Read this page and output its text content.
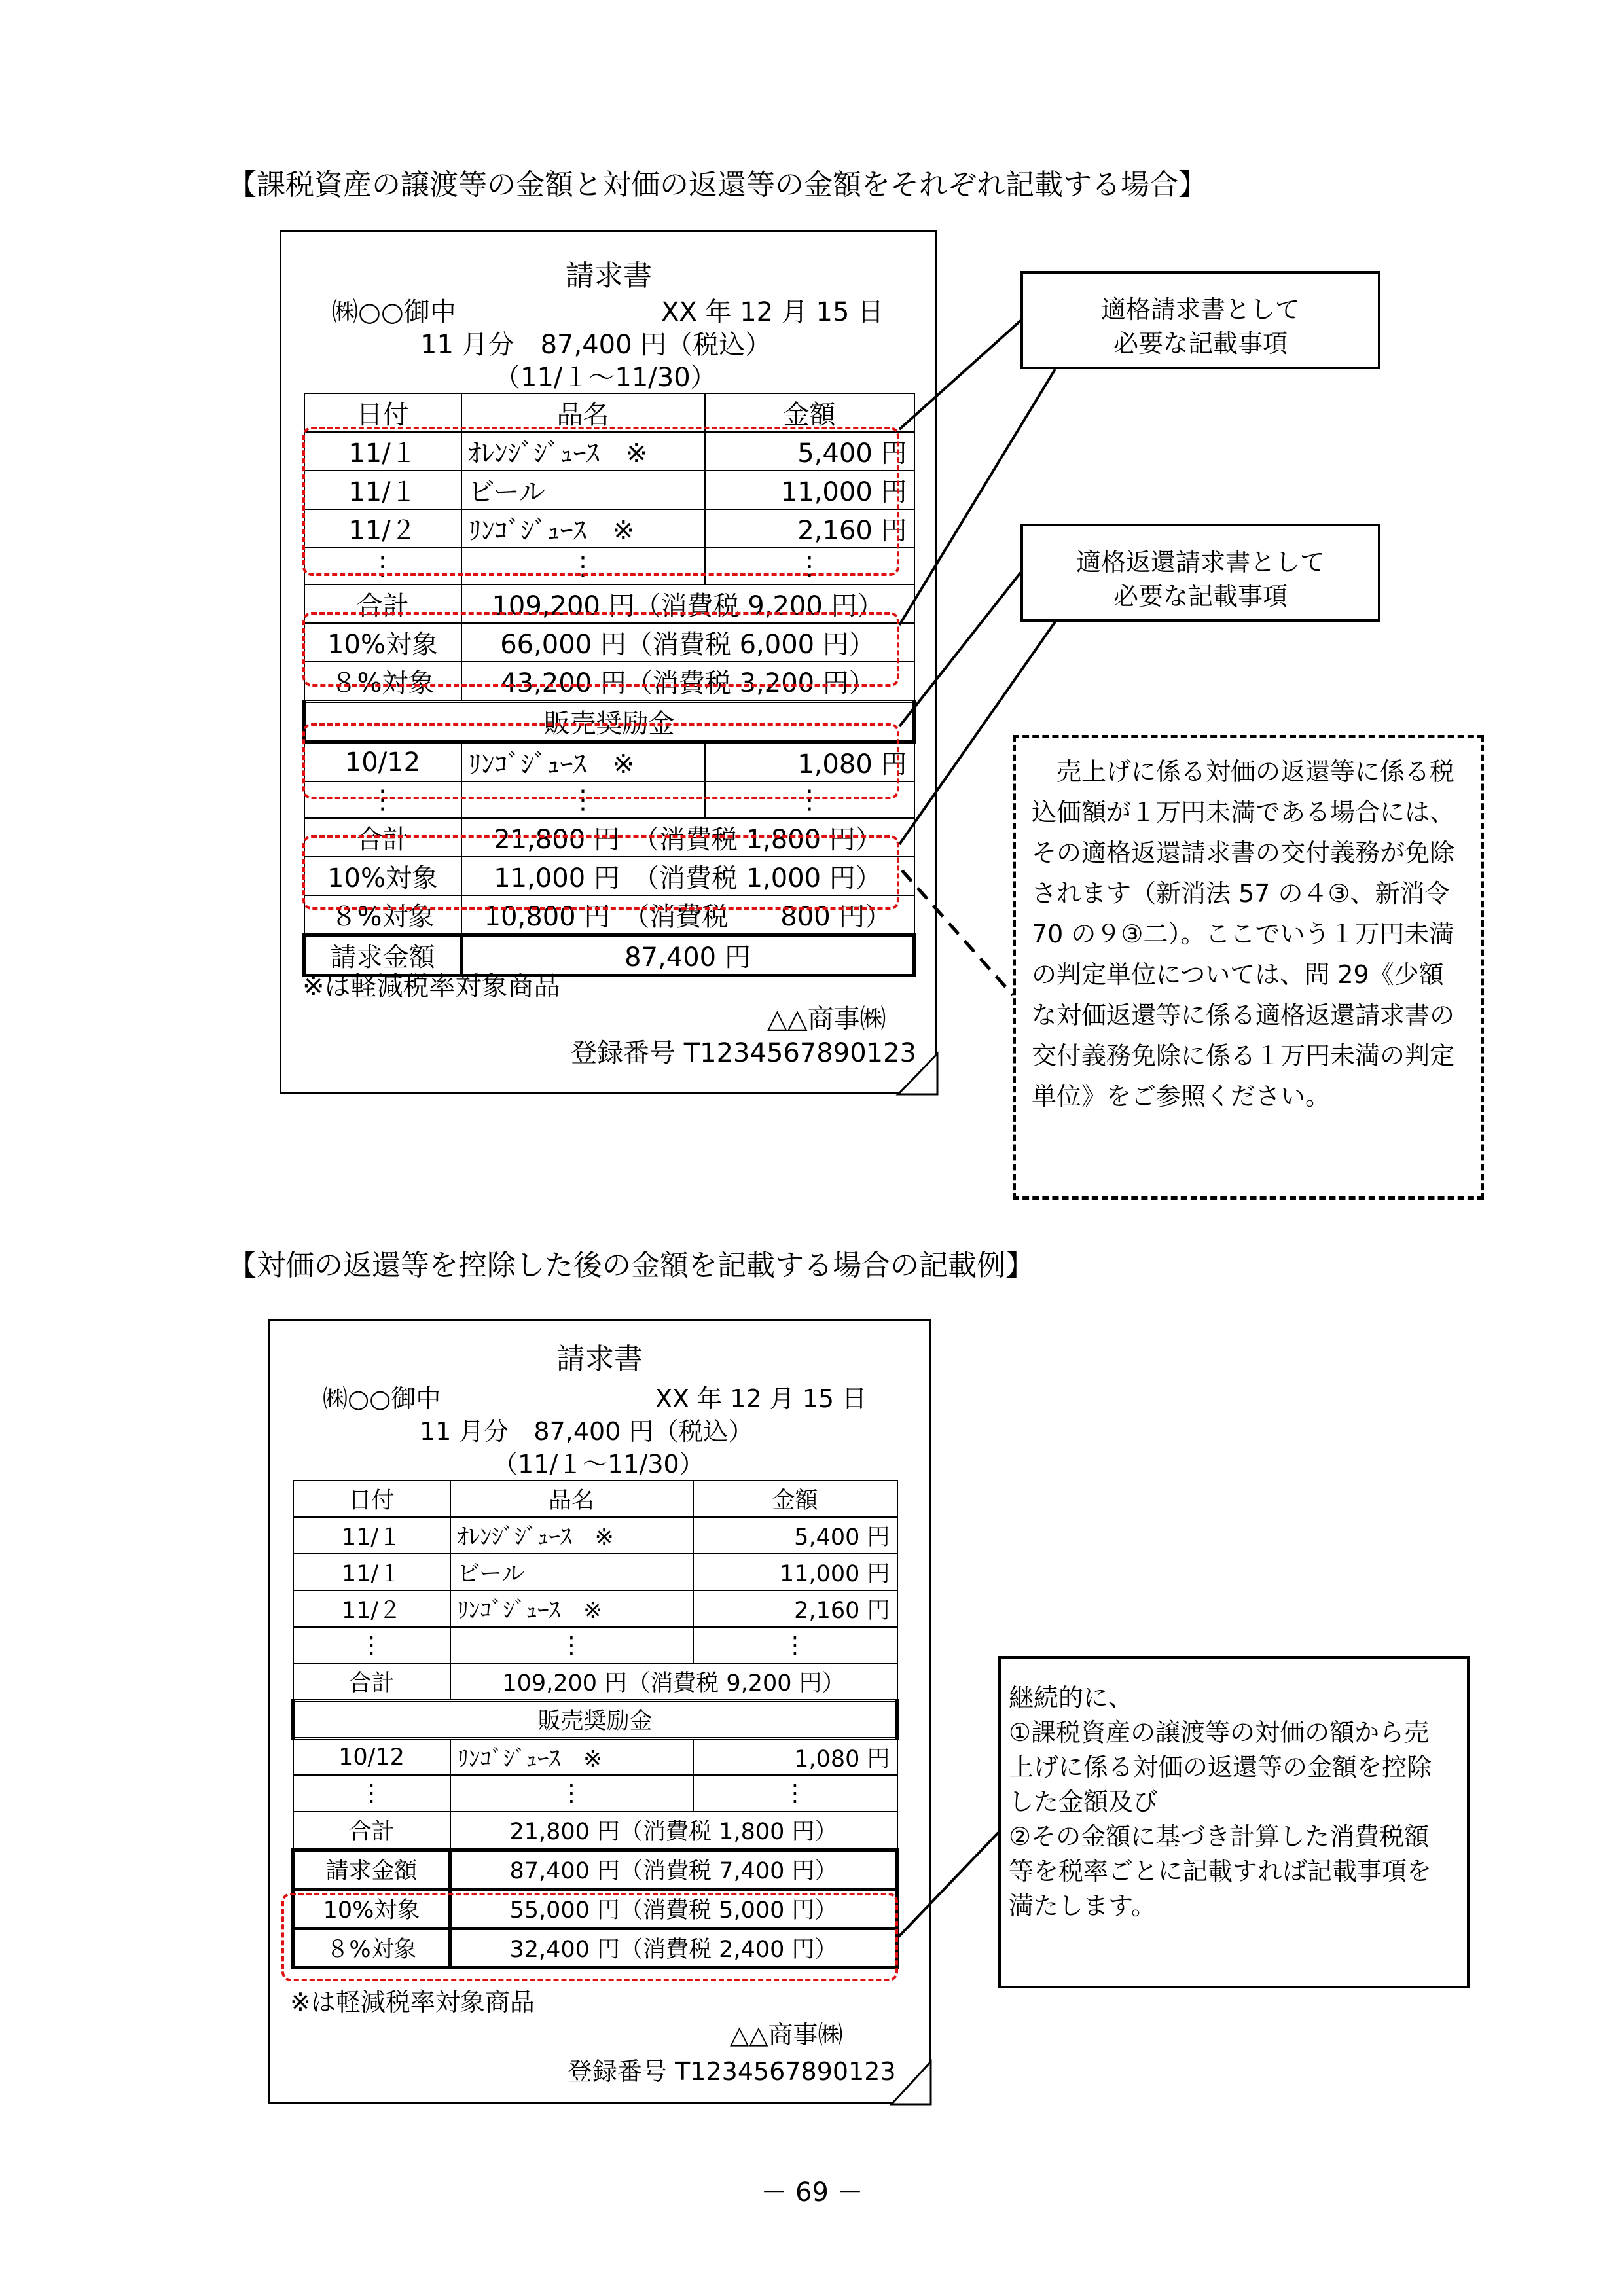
【課税資産の譲渡等の金額と対価の返還等の金額をそれぞれ記載する場合】
請求書
㈱○○御中	XX 年 12 月 15 日
11 月分　87,400 円（税込）
（11/１～11/30）
日付	品名	金額
11/１	ｵﾚﾝｼﾞｼﾞｭｰｽ　※	5,400 円
11/１	ビール	11,000 円
11/２	ﾘﾝｺﾞｼﾞｭｰｽ　※	2,160 円
⋮	⋮	⋮
合計	109,200 円（消費税 9,200 円）	
10%対象	66,000 円（消費税 6,000 円）	
８%対象	43,200 円（消費税 3,200 円）	
販売奨励金		
10/12	ﾘﾝｺﾞｼﾞｭｰｽ　※	1,080 円
⋮	⋮	⋮
合計	21,800 円　（消費税 1,800 円）	
10%対象	11,000 円　（消費税 1,000 円）	
８%対象	10,800 円　（消費税　　800 円）	
請求金額	87,400 円	
※は軽減税率対象商品
△△商事㈱
登録番号 T1234567890123
適格請求書として
必要な記載事項
適格返還請求書として
必要な記載事項
　売上げに係る対価の返還等に係る税込価額が１万円未満である場合には、その適格返還請求書の交付義務が免除されます（新消法 57 の４③、新消令 70 の９③二）。ここでいう１万円未満の判定単位については、問 29《少額な対価返還等に係る適格返還請求書の交付義務免除に係る１万円未満の判定単位》をご参照ください。
【対価の返還等を控除した後の金額を記載する場合の記載例】
請求書
㈱○○御中	XX 年 12 月 15 日
11 月分　87,400 円（税込）
（11/１～11/30）
日付	品名	金額
11/１	ｵﾚﾝｼﾞｼﾞｭｰｽ　※	5,400 円
11/１	ビール	11,000 円
11/２	ﾘﾝｺﾞｼﾞｭｰｽ　※	2,160 円
⋮	⋮	⋮
合計	109,200 円（消費税 9,200 円）	
販売奨励金		
10/12	ﾘﾝｺﾞｼﾞｭｰｽ　※	1,080 円
⋮	⋮	⋮
合計	21,800 円（消費税 1,800 円）	
請求金額	87,400 円（消費税 7,400 円）	
10%対象	55,000 円（消費税 5,000 円）	
８%対象	32,400 円（消費税 2,400 円）	
※は軽減税率対象商品
△△商事㈱
登録番号 T1234567890123
継続的に、
①課税資産の譲渡等の対価の額から売上げに係る対価の返還等の金額を控除した金額及び
②その金額に基づき計算した消費税額等を税率ごとに記載すれば記載事項を満たします。
－ 69 －
